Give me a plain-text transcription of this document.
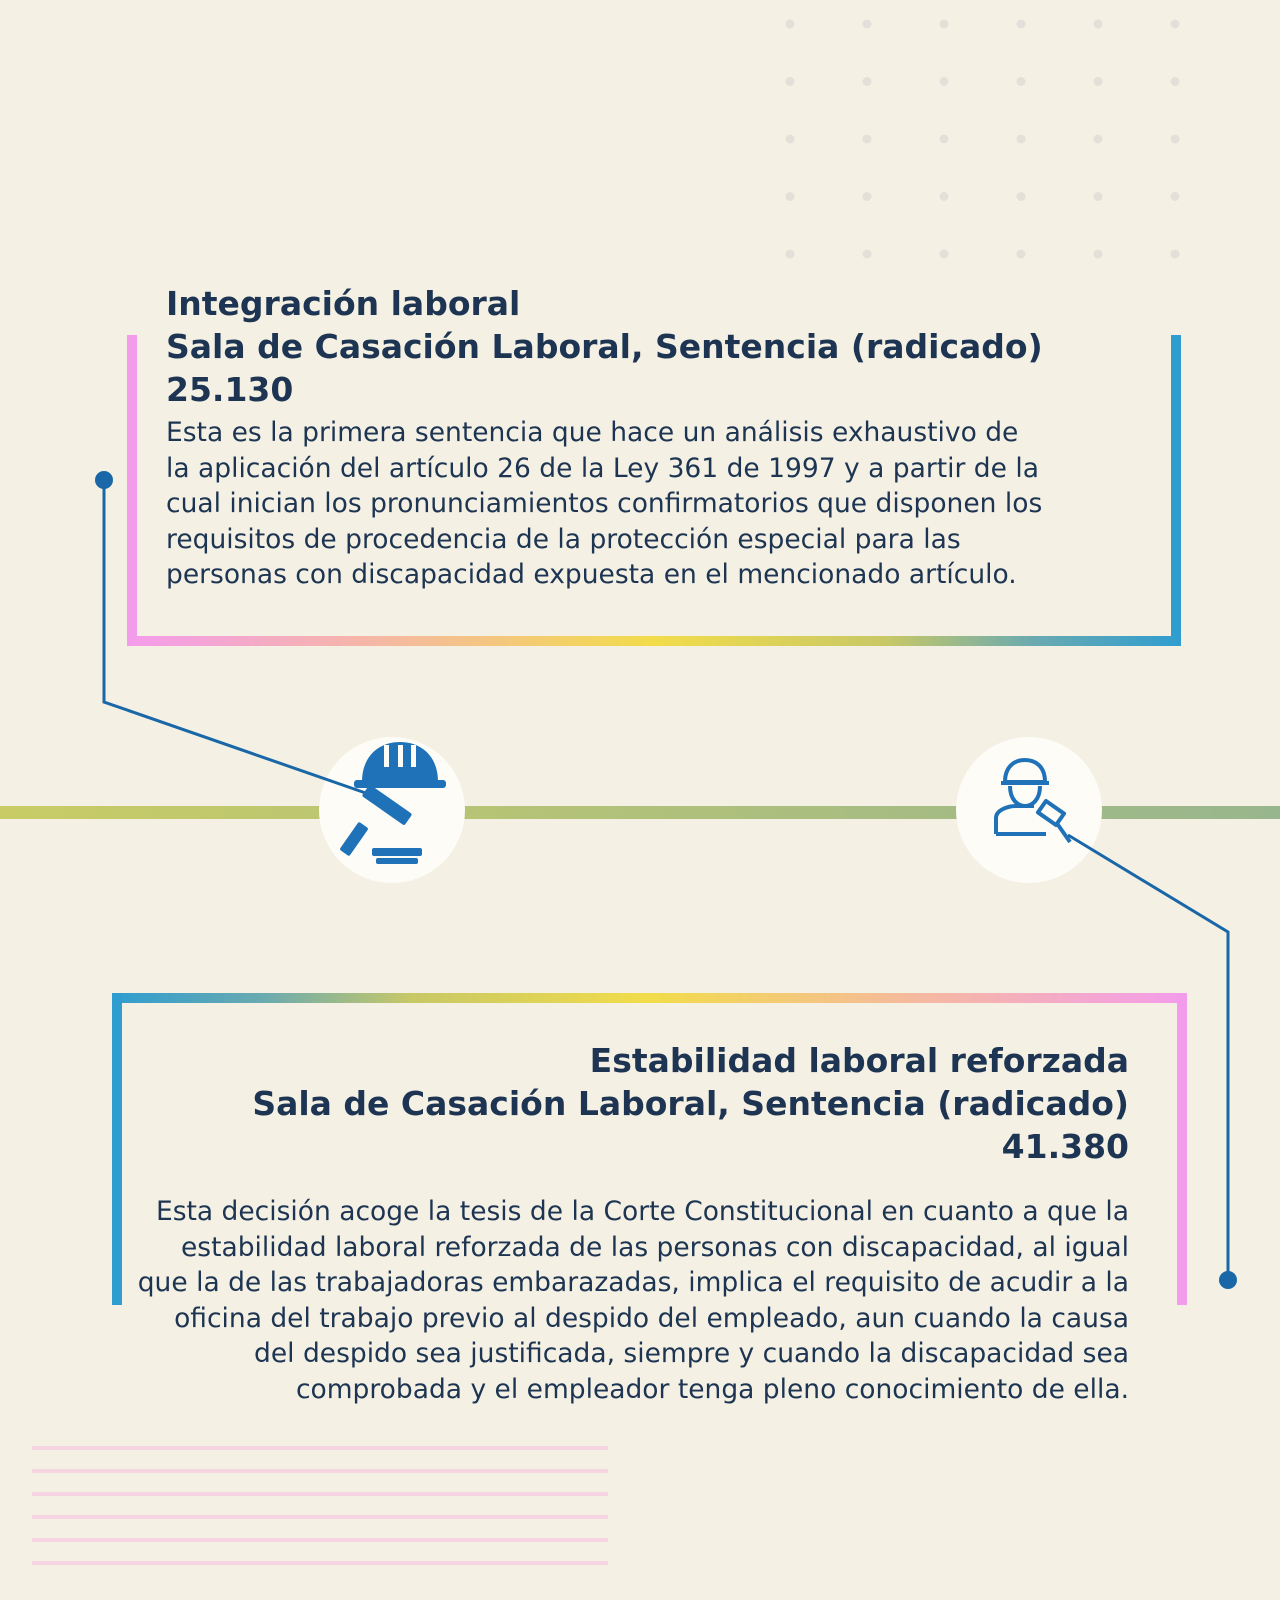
Integración laboral
Sala de Casación Laboral, Sentencia (radicado) 25.130

Esta es la primera sentencia que hace un análisis exhaustivo de la aplicación del artículo 26 de la Ley 361 de 1997 y a partir de la cual inician los pronunciamientos confirmatorios que disponen los requisitos de procedencia de la protección especial para las personas con discapacidad expuesta en el mencionado artículo.

Estabilidad laboral reforzada
Sala de Casación Laboral, Sentencia (radicado) 41.380

Esta decisión acoge la tesis de la Corte Constitucional en cuanto a que la estabilidad laboral reforzada de las personas con discapacidad, al igual que la de las trabajadoras embarazadas, implica el requisito de acudir a la oficina del trabajo previo al despido del empleado, aun cuando la causa del despido sea justificada, siempre y cuando la discapacidad sea comprobada y el empleador tenga pleno conocimiento de ella.
